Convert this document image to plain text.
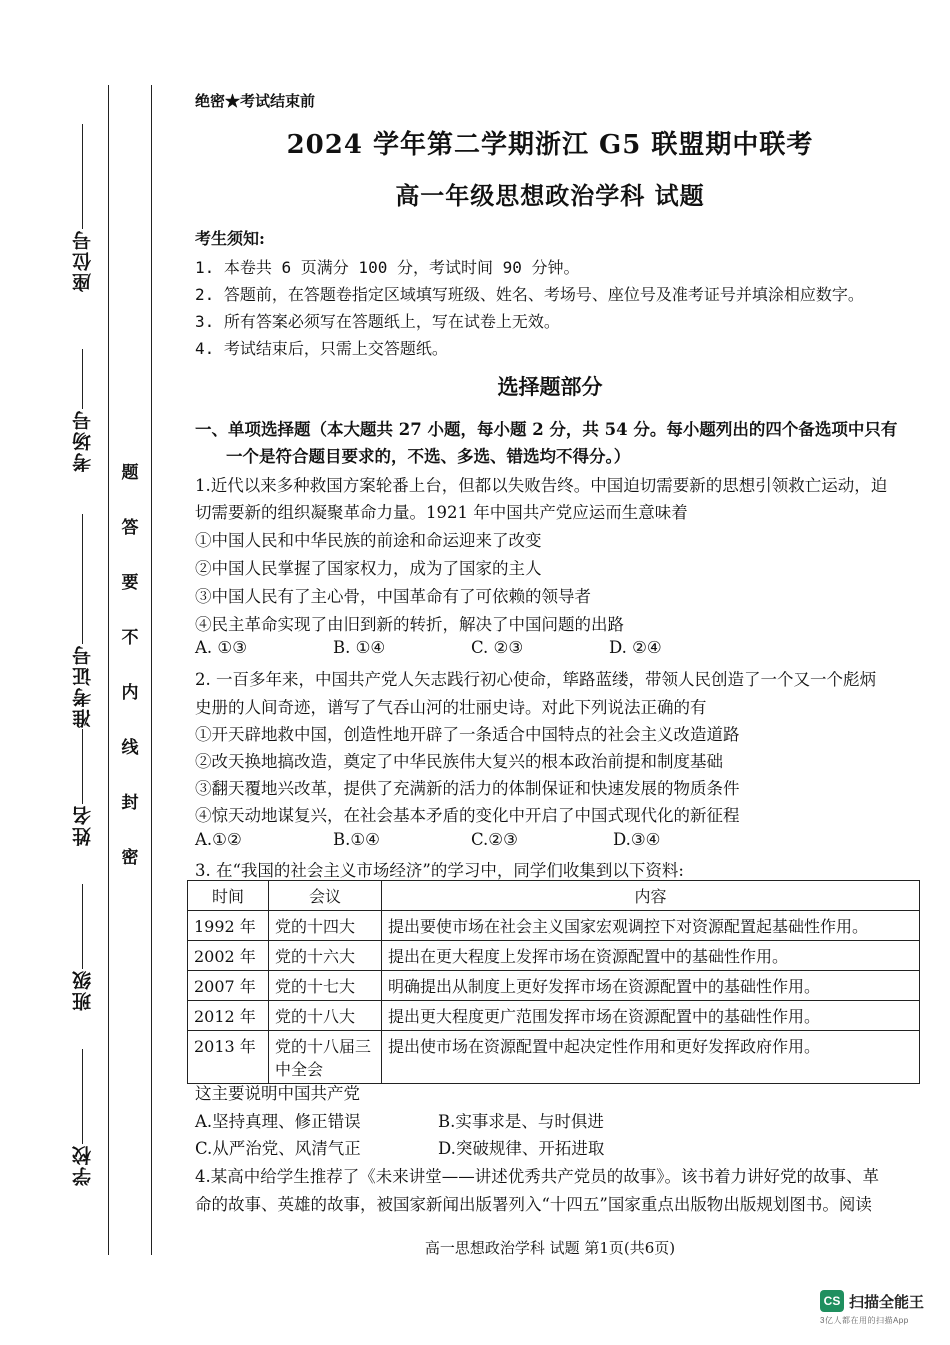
座位号
考场号
准考证号
姓名
班级
学校
题
答
要
不
内
线
封
密
绝密★考试结束前
2024 学年第二学期浙江 G5 联盟期中联考
高一年级思想政治学科 试题
考生须知:
1. 本卷共 6 页满分 100 分，考试时间 90 分钟。
2. 答题前，在答题卷指定区域填写班级、姓名、考场号、座位号及准考证号并填涂相应数字。
3. 所有答案必须写在答题纸上，写在试卷上无效。
4. 考试结束后，只需上交答题纸。
选择题部分
一、单项选择题（本大题共 27 小题，每小题 2 分，共 54 分。每小题列出的四个备选项中只有
一个是符合题目要求的，不选、多选、错选均不得分。）
1.近代以来多种救国方案轮番上台，但都以失败告终。中国迫切需要新的思想引领救亡运动，迫
切需要新的组织凝聚革命力量。1921 年中国共产党应运而生意味着
①中国人民和中华民族的前途和命运迎来了改变
②中国人民掌握了国家权力，成为了国家的主人
③中国人民有了主心骨，中国革命有了可依赖的领导者
④民主革命实现了由旧到新的转折，解决了中国问题的出路
A. ①③	B. ①④	C. ②③	D. ②④
2. 一百多年来，中国共产党人矢志践行初心使命，筚路蓝缕，带领人民创造了一个又一个彪炳
史册的人间奇迹，谱写了气吞山河的壮丽史诗。对此下列说法正确的有
①开天辟地救中国，创造性地开辟了一条适合中国特点的社会主义改造道路
②改天换地搞改造，奠定了中华民族伟大复兴的根本政治前提和制度基础
③翻天覆地兴改革，提供了充满新的活力的体制保证和快速发展的物质条件
④惊天动地谋复兴，在社会基本矛盾的变化中开启了中国式现代化的新征程
A.①②	B.①④	C.②③	D.③④
3. 在“我国的社会主义市场经济”的学习中，同学们收集到以下资料:
时间	会议	内容
1992 年	党的十四大	提出要使市场在社会主义国家宏观调控下对资源配置起基础性作用。
2002 年	党的十六大	提出在更大程度上发挥市场在资源配置中的基础性作用。
2007 年	党的十七大	明确提出从制度上更好发挥市场在资源配置中的基础性作用。
2012 年	党的十八大	提出更大程度更广范围发挥市场在资源配置中的基础性作用。
2013 年	党的十八届三中全会	提出使市场在资源配置中起决定性作用和更好发挥政府作用。
这主要说明中国共产党
A.坚持真理、修正错误	B.实事求是、与时俱进
C.从严治党、风清气正	D.突破规律、开拓进取
4.某高中给学生推荐了《未来讲堂——讲述优秀共产党员的故事》。该书着力讲好党的故事、革
命的故事、英雄的故事，被国家新闻出版署列入“十四五”国家重点出版物出版规划图书。阅读
高一思想政治学科 试题 第1页(共6页)
CS 扫描全能王
3亿人都在用的扫描App
